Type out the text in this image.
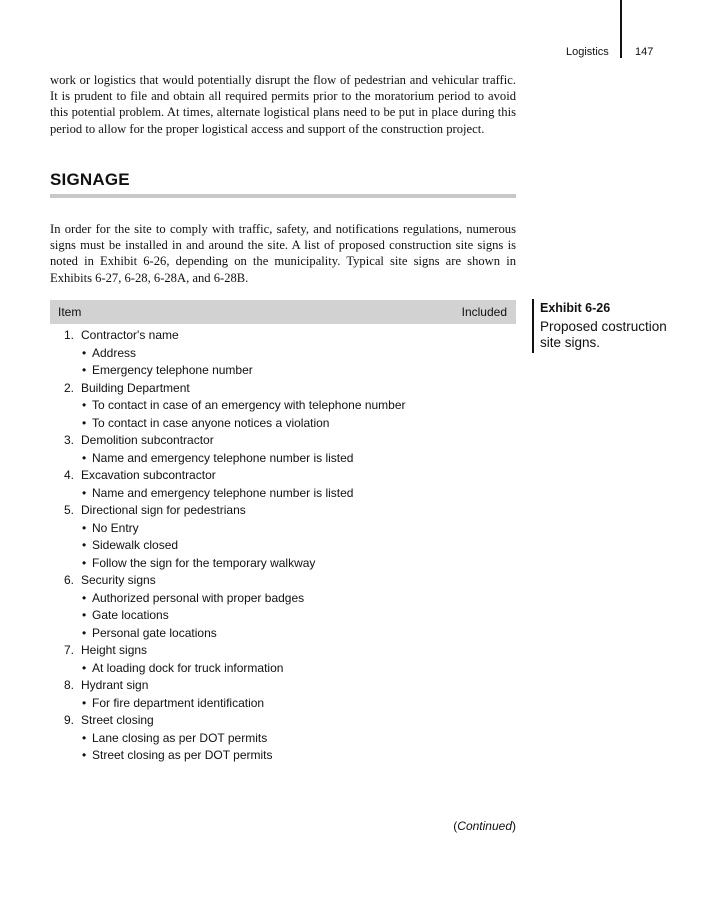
Logistics 147

work or logistics that would potentially disrupt the flow of pedestrian and vehicular traffic. It is prudent to file and obtain all required permits prior to the moratorium period to avoid this potential problem. At times, alternate logistical plans need to be put in place during this period to allow for the proper logistical access and support of the construction project.

SIGNAGE

In order for the site to comply with traffic, safety, and notifications regulations, numerous signs must be installed in and around the site. A list of proposed construction site signs is noted in Exhibit 6-26, depending on the municipality. Typical site signs are shown in Exhibits 6-27, 6-28, 6-28A, and 6-28B.

Item	Included
1. Contractor's name
• Address
• Emergency telephone number
2. Building Department
• To contact in case of an emergency with telephone number
• To contact in case anyone notices a violation
3. Demolition subcontractor
• Name and emergency telephone number is listed
4. Excavation subcontractor
• Name and emergency telephone number is listed
5. Directional sign for pedestrians
• No Entry
• Sidewalk closed
• Follow the sign for the temporary walkway
6. Security signs
• Authorized personal with proper badges
• Gate locations
• Personal gate locations
7. Height signs
• At loading dock for truck information
8. Hydrant sign
• For fire department identification
9. Street closing
• Lane closing as per DOT permits
• Street closing as per DOT permits
(Continued)
Exhibit 6-26
Proposed costruction site signs.
